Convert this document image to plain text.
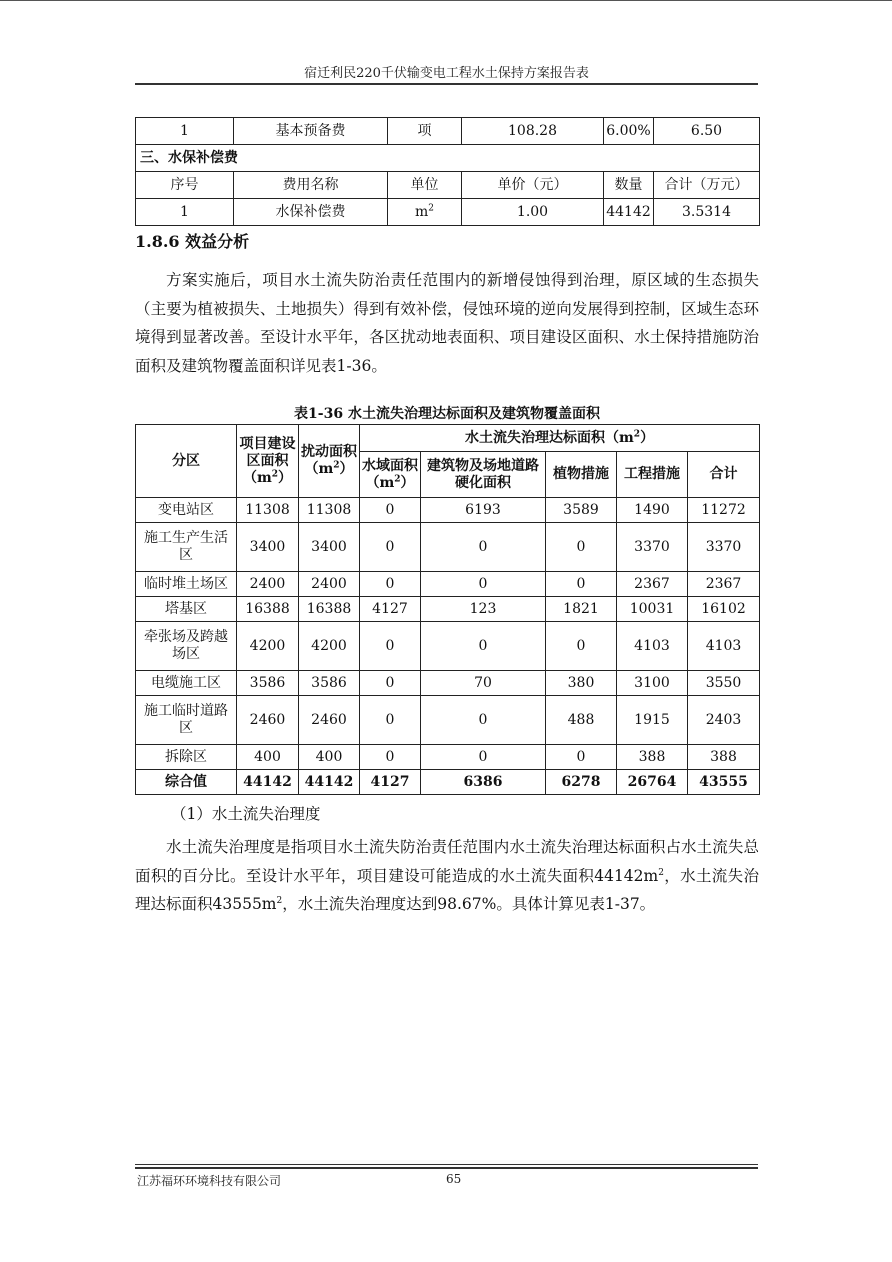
宿迁利民220千伏输变电工程水土保持方案报告表
1	基本预备费	项	108.28	6.00%	6.50
三、水保补偿费					
序号	费用名称	单位	单价（元）	数量	合计（万元）
1	水保补偿费	$m^2$	1.00	44142	3.5314
1.8.6 效益分析
方案实施后，项目水土流失防治责任范围内的新增侵蚀得到治理，原区域的生态损失（主要为植被损失、土地损失）得到有效补偿，侵蚀环境的逆向发展得到控制，区域生态环境得到显著改善。至设计水平年，各区扰动地表面积、项目建设区面积、水土保持措施防治面积及建筑物覆盖面积详见表1-36。
表1-36 水土流失治理达标面积及建筑物覆盖面积
分区	项目建设区面积$(m^2)$	扰动面积$(m^2)$	水土流失治理达标面积$(m^2)$				
			水域面积$(m^2)$	建筑物及场地道路硬化面积	植物措施	工程措施	合计
变电站区	11308	11308	0	6193	3589	1490	11272
施工生产生活区	3400	3400	0	0	0	3370	3370
临时堆土场区	2400	2400	0	0	0	2367	2367
塔基区	16388	16388	4127	123	1821	10031	16102
牵张场及跨越场区	4200	4200	0	0	0	4103	4103
电缆施工区	3586	3586	0	70	380	3100	3550
施工临时道路区	2460	2460	0	0	488	1915	2403
拆除区	400	400	0	0	0	388	388
综合值	44142	44142	4127	6386	6278	26764	43555
（1）水土流失治理度
水土流失治理度是指项目水土流失防治责任范围内水土流失治理达标面积占水土流失总面积的百分比。至设计水平年，项目建设可能造成的水土流失面积$44142m^2$，水土流失治理达标面积$43555m^2$，水土流失治理度达到98.67%。具体计算见表1-37。
江苏福环环境科技有限公司	65
